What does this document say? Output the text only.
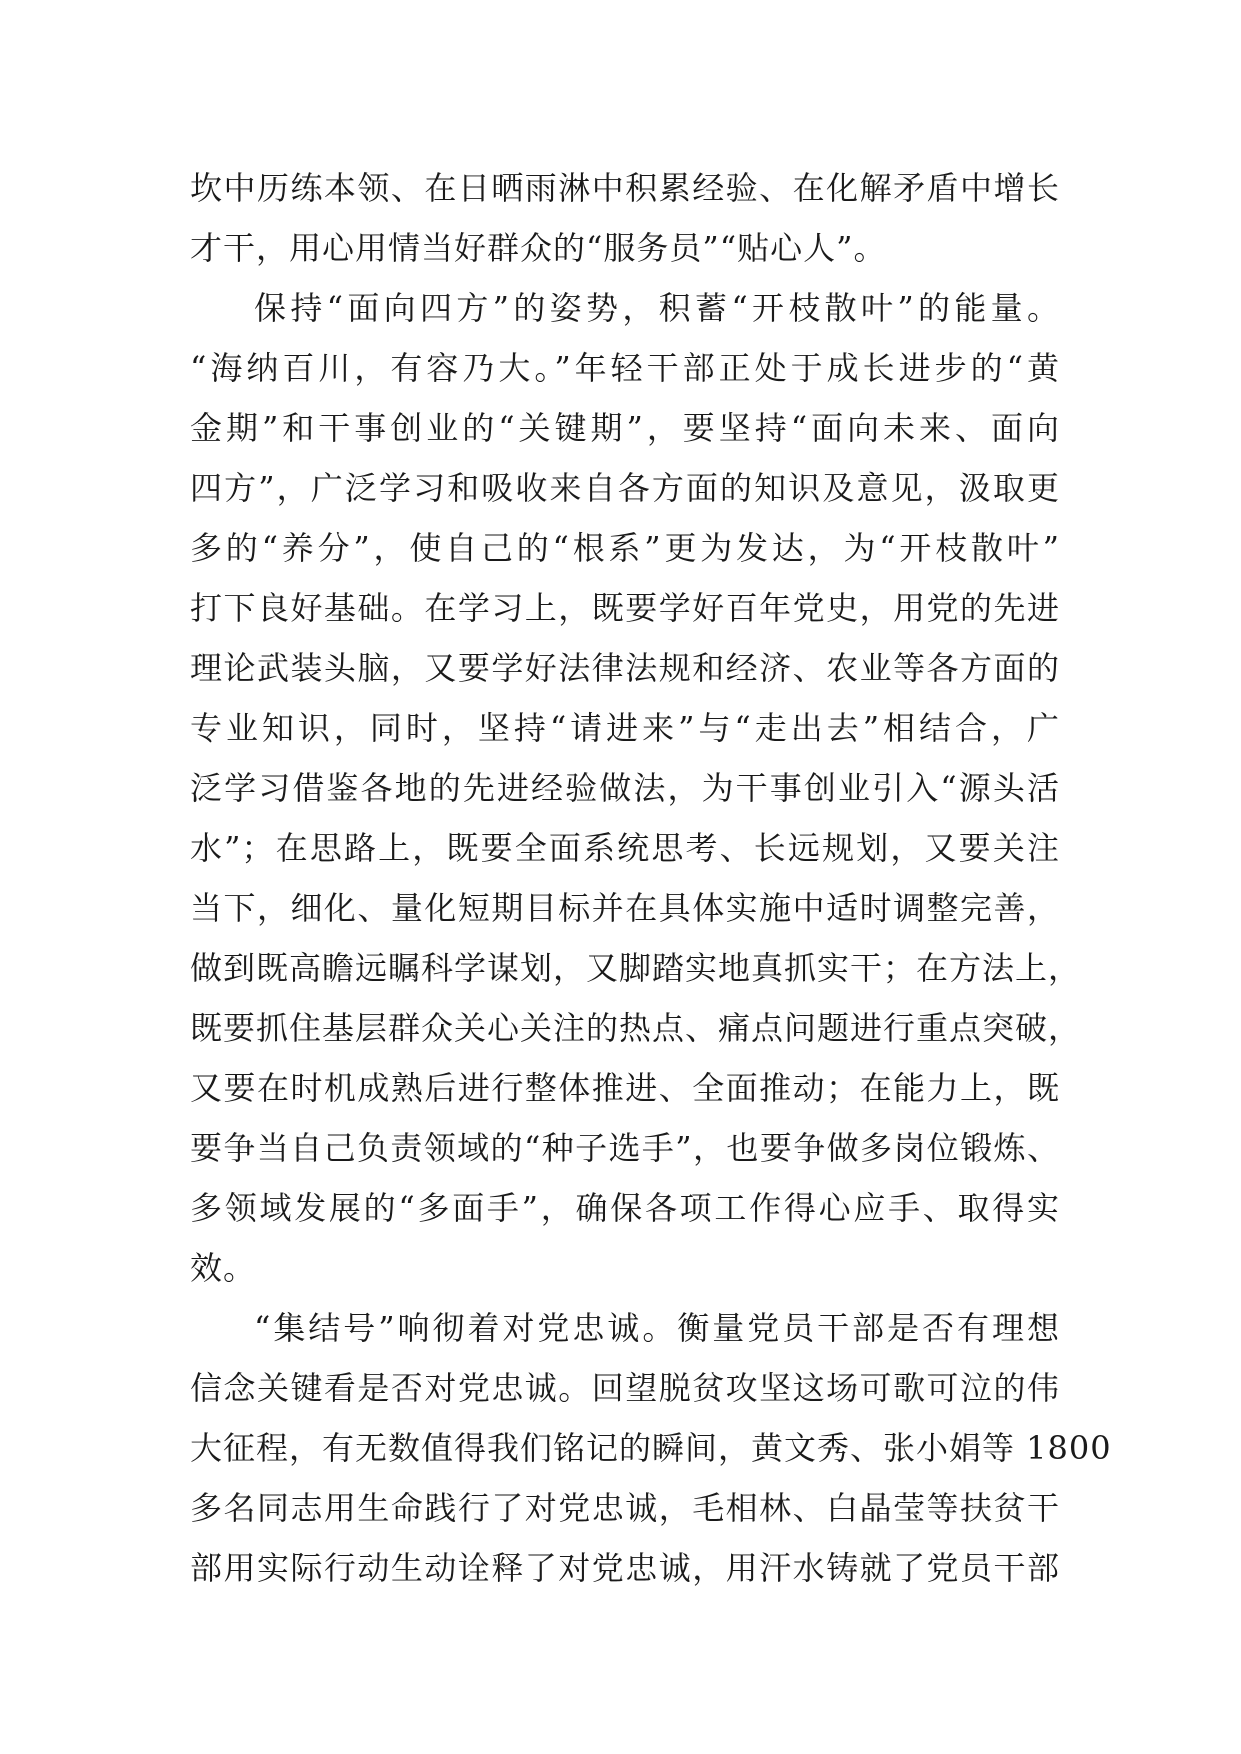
坎中历练本领、在日晒雨淋中积累经验、在化解矛盾中增长
才干，用心用情当好群众的“服务员”“贴心人”。
保持“面向四方”的姿势，积蓄“开枝散叶”的能量。
“海纳百川，有容乃大。”年轻干部正处于成长进步的“黄
金期”和干事创业的“关键期”，要坚持“面向未来、面向
四方”，广泛学习和吸收来自各方面的知识及意见，汲取更
多的“养分”，使自己的“根系”更为发达，为“开枝散叶”
打下良好基础。在学习上，既要学好百年党史，用党的先进
理论武装头脑，又要学好法律法规和经济、农业等各方面的
专业知识，同时，坚持“请进来”与“走出去”相结合，广
泛学习借鉴各地的先进经验做法，为干事创业引入“源头活
水”；在思路上，既要全面系统思考、长远规划，又要关注
当下，细化、量化短期目标并在具体实施中适时调整完善，
做到既高瞻远瞩科学谋划，又脚踏实地真抓实干；在方法上，
既要抓住基层群众关心关注的热点、痛点问题进行重点突破，
又要在时机成熟后进行整体推进、全面推动；在能力上，既
要争当自己负责领域的“种子选手”，也要争做多岗位锻炼、
多领域发展的“多面手”，确保各项工作得心应手、取得实
效。
“集结号”响彻着对党忠诚。衡量党员干部是否有理想
信念关键看是否对党忠诚。回望脱贫攻坚这场可歌可泣的伟
大征程，有无数值得我们铭记的瞬间，黄文秀、张小娟等 1800
多名同志用生命践行了对党忠诚，毛相林、白晶莹等扶贫干
部用实际行动生动诠释了对党忠诚，用汗水铸就了党员干部
